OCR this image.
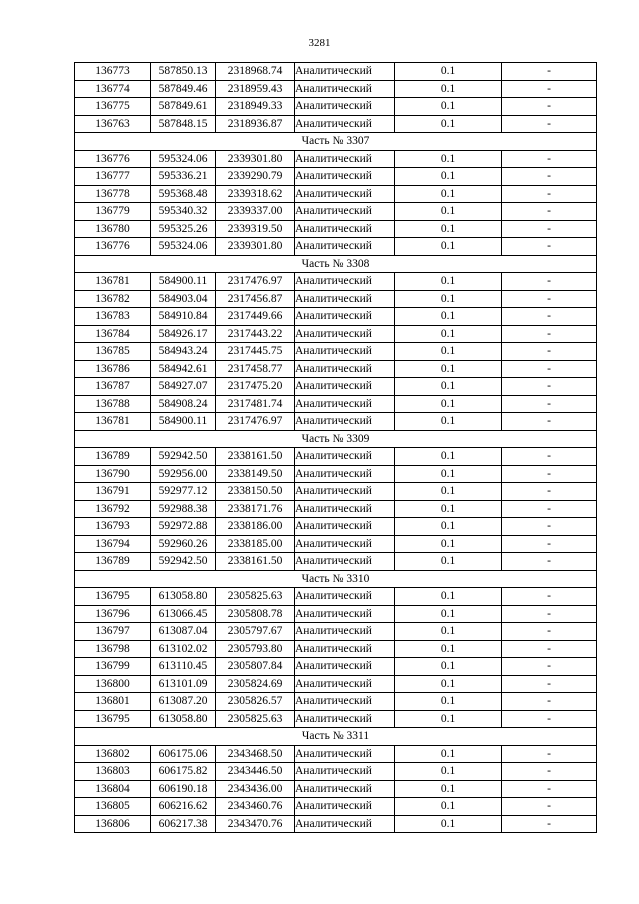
3281
136773	587850.13	2318968.74	Аналитический	0.1	-
136774	587849.46	2318959.43	Аналитический	0.1	-
136775	587849.61	2318949.33	Аналитический	0.1	-
136763	587848.15	2318936.87	Аналитический	0.1	-
Часть № 3307					
136776	595324.06	2339301.80	Аналитический	0.1	-
136777	595336.21	2339290.79	Аналитический	0.1	-
136778	595368.48	2339318.62	Аналитический	0.1	-
136779	595340.32	2339337.00	Аналитический	0.1	-
136780	595325.26	2339319.50	Аналитический	0.1	-
136776	595324.06	2339301.80	Аналитический	0.1	-
Часть № 3308					
136781	584900.11	2317476.97	Аналитический	0.1	-
136782	584903.04	2317456.87	Аналитический	0.1	-
136783	584910.84	2317449.66	Аналитический	0.1	-
136784	584926.17	2317443.22	Аналитический	0.1	-
136785	584943.24	2317445.75	Аналитический	0.1	-
136786	584942.61	2317458.77	Аналитический	0.1	-
136787	584927.07	2317475.20	Аналитический	0.1	-
136788	584908.24	2317481.74	Аналитический	0.1	-
136781	584900.11	2317476.97	Аналитический	0.1	-
Часть № 3309					
136789	592942.50	2338161.50	Аналитический	0.1	-
136790	592956.00	2338149.50	Аналитический	0.1	-
136791	592977.12	2338150.50	Аналитический	0.1	-
136792	592988.38	2338171.76	Аналитический	0.1	-
136793	592972.88	2338186.00	Аналитический	0.1	-
136794	592960.26	2338185.00	Аналитический	0.1	-
136789	592942.50	2338161.50	Аналитический	0.1	-
Часть № 3310					
136795	613058.80	2305825.63	Аналитический	0.1	-
136796	613066.45	2305808.78	Аналитический	0.1	-
136797	613087.04	2305797.67	Аналитический	0.1	-
136798	613102.02	2305793.80	Аналитический	0.1	-
136799	613110.45	2305807.84	Аналитический	0.1	-
136800	613101.09	2305824.69	Аналитический	0.1	-
136801	613087.20	2305826.57	Аналитический	0.1	-
136795	613058.80	2305825.63	Аналитический	0.1	-
Часть № 3311					
136802	606175.06	2343468.50	Аналитический	0.1	-
136803	606175.82	2343446.50	Аналитический	0.1	-
136804	606190.18	2343436.00	Аналитический	0.1	-
136805	606216.62	2343460.76	Аналитический	0.1	-
136806	606217.38	2343470.76	Аналитический	0.1	-
